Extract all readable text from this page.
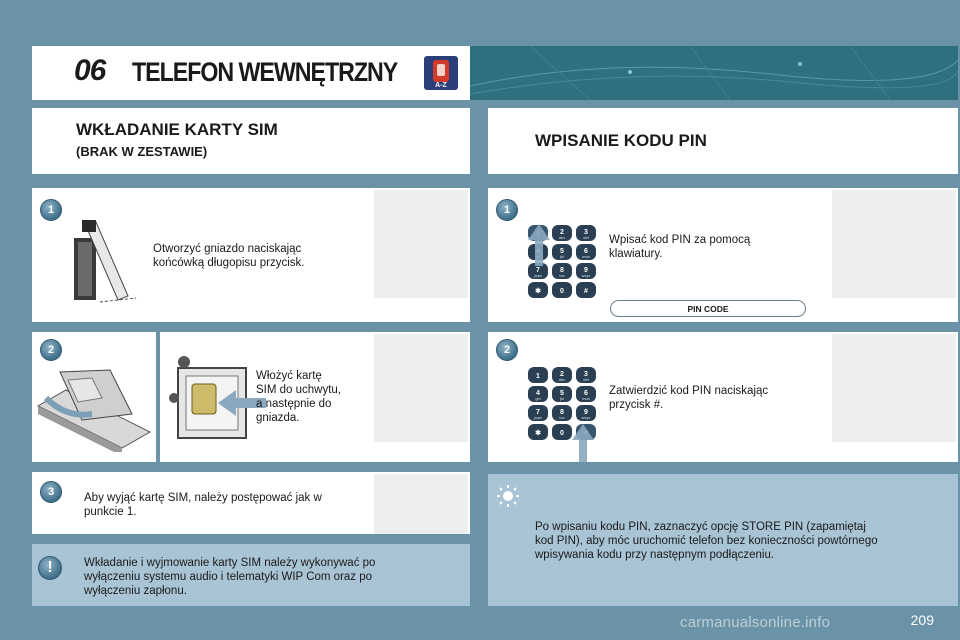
06 TELEFON WEWNĘTRZNY	A-Z
WKŁADANIE KARTY SIM
(BRAK W ZESTAWIE)
WPISANIE KODU PIN
1
Otworzyć gniazdo naciskając
końcówką długopisu przycisk.
2
Włożyć kartę
SIM do uchwytu,
a następnie do
gniazda.
3	Aby wyjąć kartę SIM, należy postępować jak w
punkcie 1.
!	Wkładanie i wyjmowanie karty SIM należy wykonywać po
wyłączeniu systemu audio i telematyki WIP Com oraz po
wyłączeniu zapłonu.
1
2
abc
3
def
5
jkl
6
mno
7
pqrs
8
tuv
9
wxyz
✱	0	#
Wpisać kod PIN za pomocą
klawiatury.
PIN CODE
2
1	2
abc
3
def
4
ghi
5
jkl
6
mno
7
pqrs
8
tuv
9
wxyz
✱	0
Zatwierdzić kod PIN naciskając
przycisk #.
Po wpisaniu kodu PIN, zaznaczyć opcję STORE PIN (zapamiętaj
kod PIN), aby móc uruchomić telefon bez konieczności powtórnego
wpisywania kodu przy następnym podłączeniu.
carmanualsonline.info	209
